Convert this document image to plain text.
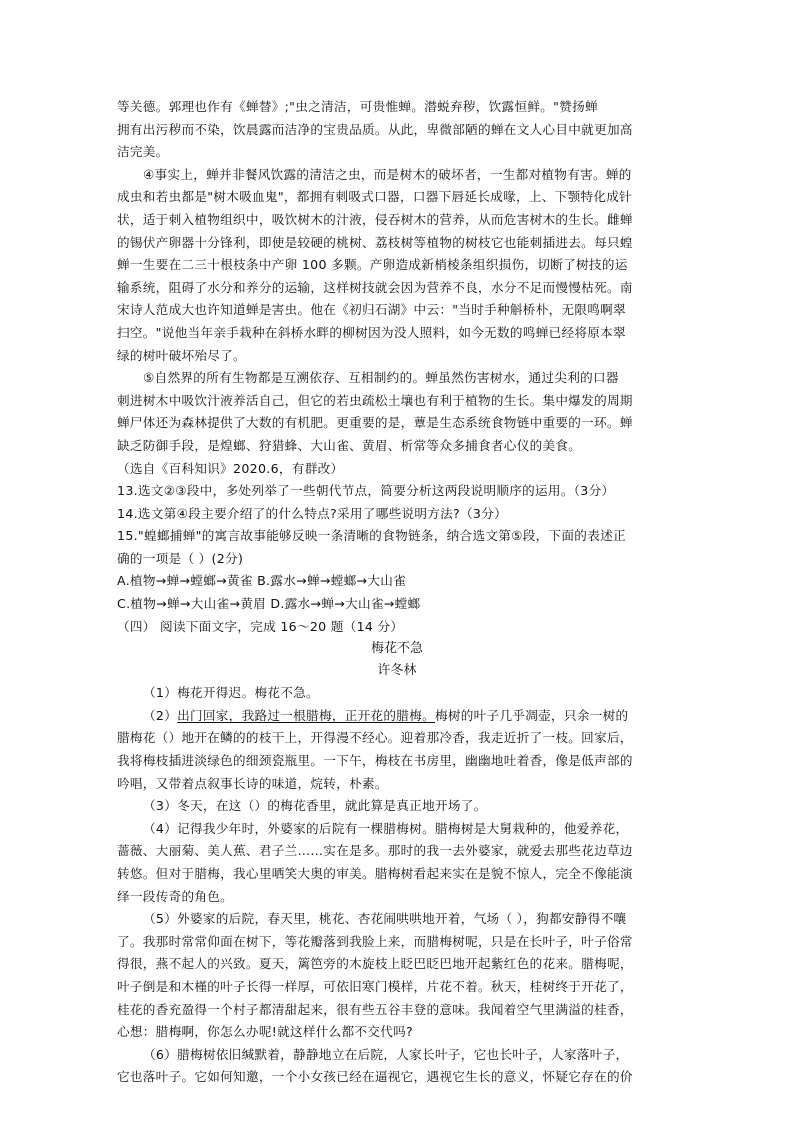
等关德。郭理也作有《蝉替》;"虫之清洁，可贵惟蝉。潜蜕弃秽，饮露恒鲜。"赞扬蝉
拥有出污秽而不染，饮晨露而洁净的宝贵品质。从此，卑微部陋的蝉在文人心目中就更加高
洁完美。
④事实上，蝉并非餐风饮露的清洁之虫，而是树木的破坏者，一生都对植物有害。蝉的
成虫和若虫都是"树木吸血鬼"，都拥有刺吸式口器，口器下唇延长成喙，上、下颚特化成针
状，适于刺入植物组织中，吸饮树木的汁液，侵吞树木的营养，从而危害树木的生长。雌蝉
的锡伏产卵器十分锋利，即使是较硬的桃树、荔枝树等植物的树枝它也能刺插进去。每只蝗
蝉一生要在二三十根枝条中产卵 100 多颗。产卵造成新梢棱条组织损伤，切断了树技的运
输系统，阻碍了水分和养分的运输，这样树技就会因为营养不良，水分不足而慢慢枯死。南
宋诗人范成大也许知道蝉是害虫。他在《初归石湖》中云："当时手种斛桥朴，无限鸣啊翠
扫空。"说他当年亲手栽种在斜桥水畔的柳树因为没人照料，如今无数的鸣蝉已经将原本翠
绿的树叶破坏殆尽了。
⑤自然界的所有生物都是互溯依存、互相制约的。蝉虽然伤害树水，通过尖利的口器
刺进树木中吸饮汁液养活自己，但它的若虫疏松土壤也有利于植物的生长。集中爆发的周期
蝉尸体还为森林提供了大数的有机肥。更重要的是，蕈是生态系统食物链中重要的一环。蝉
缺乏防御手段，是煌螂、狩猎蜂、大山雀、黄眉、析常等众多捕食者心仪的美食。
（选自《百科知识》2020.6，有群改）
13.选文②③段中，多处列举了一些朝代节点，简要分析这两段说明顺序的运用。（3分）
14.选文第④段主要介绍了的什么特点?采用了哪些说明方法?（3分）
15."蝗螂捕蝉"的寓言故事能够反映一条清晰的食物链条，纳合选文第⑤段，下面的表述正
确的一项是（ ）(2分)
A.植物→蝉→螳螂→黄雀 B.露水→蝉→螳螂→大山雀
C.植物→蝉→大山雀→黄眉 D.露水→蝉→大山雀→螳螂
（四） 阅读下面文字，完成 16～20 题（14 分）
梅花不急
许冬林
（1）梅花开得迟。梅花不急。
（2）出门回家，我路过一根腊梅，正开花的腊梅。梅树的叶子几乎凋壶，只余一树的
腊梅花（）地开在鳞的的枝干上，开得漫不经心。迎着那冷香，我走近折了一枝。回家后，
我将梅枝插进淡绿色的细颈瓷瓶里。一下午，梅枝在书房里，幽幽地吐着香，像是低声部的
吟唱，又带着点叙事长诗的味道，烷转，朴素。
（3）冬天，在这（）的梅花香里，就此算是真正地开场了。
（4）记得我少年时，外婆家的后院有一棵腊梅树。腊梅树是大舅栽种的，他爱养花，
蔷薇、大丽菊、美人蕉、君子兰……实在是多。那时的我一去外婆家，就爱去那些花边草边
转悠。但对于腊梅，我心里哂笑大奥的审美。腊梅树看起来实在是貌不惊人，完全不像能演
绎一段传奇的角色。
（5）外婆家的后院，春天里，桃花、杏花闹哄哄地开着，气场（ ），狗都安静得不嚷
了。我那时常常仰面在树下，等花瓣落到我脸上来，而腊梅树呢，只是在长叶子，叶子俗常
得很，燕不起人的兴致。夏天，篱笆旁的木旋枝上眨巴眨巴地开起紫红色的花来。腊梅呢，
叶子倒是和木槿的叶子长得一样厚，可依旧寒门模样，片花不着。秋天，桂树终于开花了，
桂花的香充盈得一个村子都清甜起来，很有些五谷丰登的意味。我闻着空气里满溢的桂香，
心想：腊梅啊，你怎么办呢!就这样什么都不交代吗?
（6）腊梅树依旧缄默着，静静地立在后院，人家长叶子，它也长叶子，人家落叶子，
它也落叶子。它如何知邀，一个小女孩已经在逼视它，遇视它生长的意义，怀疑它存在的价
